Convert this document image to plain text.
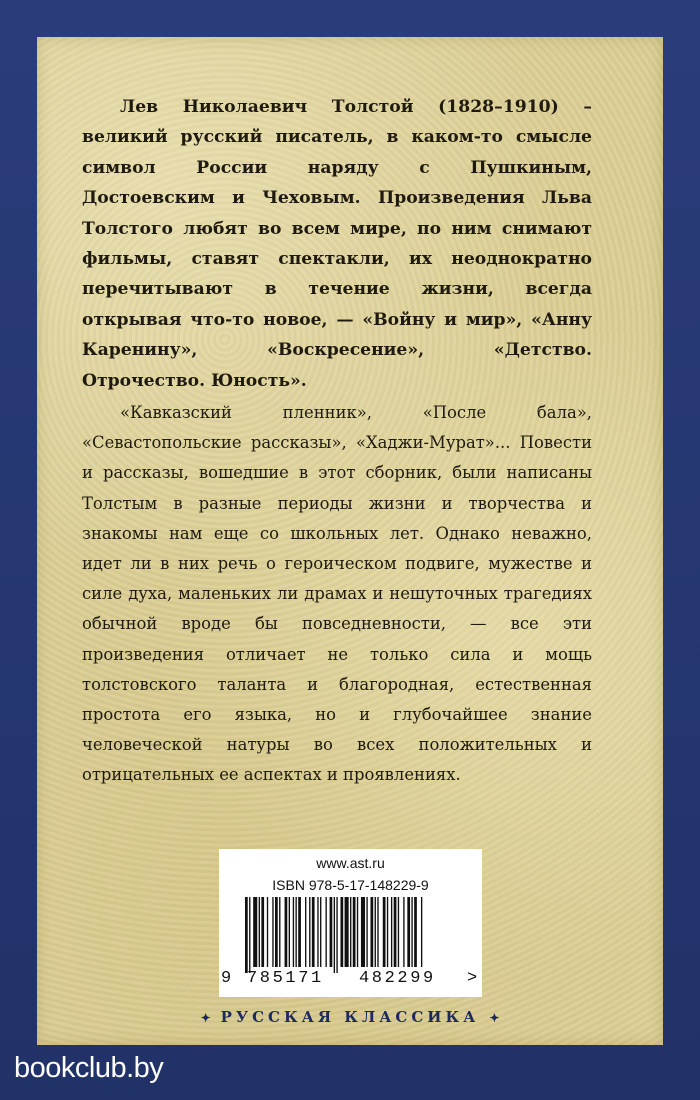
Лев Николаевич Толстой (1828–1910) – великий русский писатель, в каком-то смысле символ России наряду с Пушкиным, Достоевским и Чеховым. Произведения Льва Толстого любят во всем мире, по ним снимают фильмы, ставят спектакли, их неоднократно перечитывают в течение жизни, всегда открывая что-то новое, — «Войну и мир», «Анну Каренину», «Воскресение», «Детство. Отрочество. Юность».

«Кавказский пленник», «После бала», «Севастопольские рассказы», «Хаджи-Мурат»... Повести и рассказы, вошедшие в этот сборник, были написаны Толстым в разные периоды жизни и творчества и знакомы нам еще со школьных лет. Однако неважно, идет ли в них речь о героическом подвиге, мужестве и силе духа, маленьких ли драмах и нешуточных трагедиях обычной вроде бы повседневности, — все эти произведения отличает не только сила и мощь толстовского таланта и благородная, естественная простота его языка, но и глубочайшее знание человеческой натуры во всех положительных и отрицательных ее аспектах и проявлениях.

www.ast.ru
ISBN 978-5-17-148229-9
9 785171 482299 >
✦ РУССКАЯ КЛАССИКА ✦
bookclub.by
